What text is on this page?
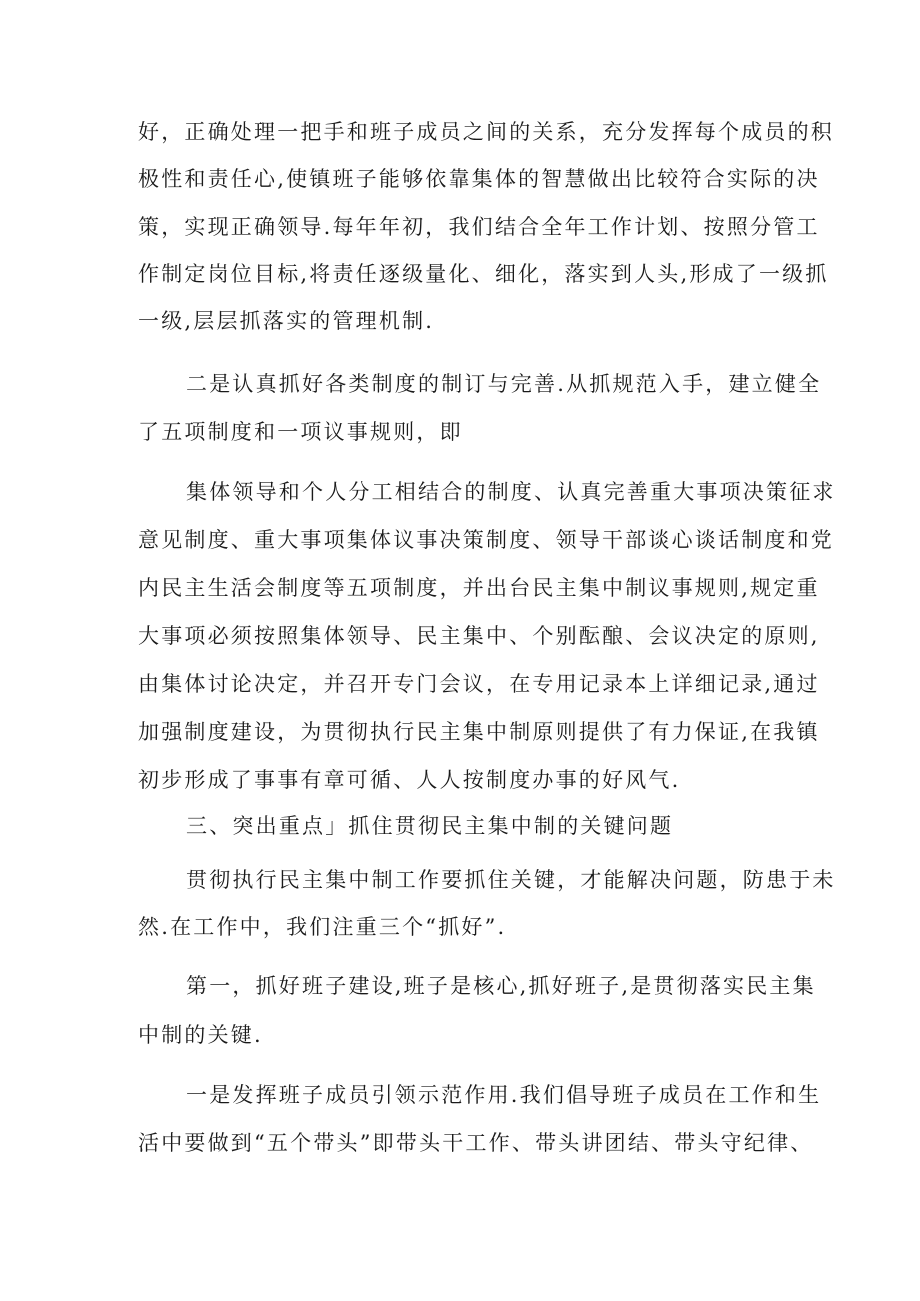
好，正确处理一把手和班子成员之间的关系，充分发挥每个成员的积
极性和责任心,使镇班子能够依靠集体的智慧做出比较符合实际的决
策，实现正确领导.每年年初，我们结合全年工作计划、按照分管工
作制定岗位目标,将责任逐级量化、细化，落实到人头,形成了一级抓
一级,层层抓落实的管理机制.
二是认真抓好各类制度的制订与完善.从抓规范入手，建立健全
了五项制度和一项议事规则，即
集体领导和个人分工相结合的制度、认真完善重大事项决策征求
意见制度、重大事项集体议事决策制度、领导干部谈心谈话制度和党
内民主生活会制度等五项制度，并出台民主集中制议事规则,规定重
大事项必须按照集体领导、民主集中、个别酝酿、会议决定的原则,
由集体讨论决定，并召开专门会议，在专用记录本上详细记录,通过
加强制度建设，为贯彻执行民主集中制原则提供了有力保证,在我镇
初步形成了事事有章可循、人人按制度办事的好风气.
三、突出重点」抓住贯彻民主集中制的关键问题
贯彻执行民主集中制工作要抓住关键，才能解决问题，防患于未
然.在工作中，我们注重三个“抓好”.
第一，抓好班子建设,班子是核心,抓好班子,是贯彻落实民主集
中制的关键.
一是发挥班子成员引领示范作用.我们倡导班子成员在工作和生
活中要做到“五个带头”即带头干工作、带头讲团结、带头守纪律、
